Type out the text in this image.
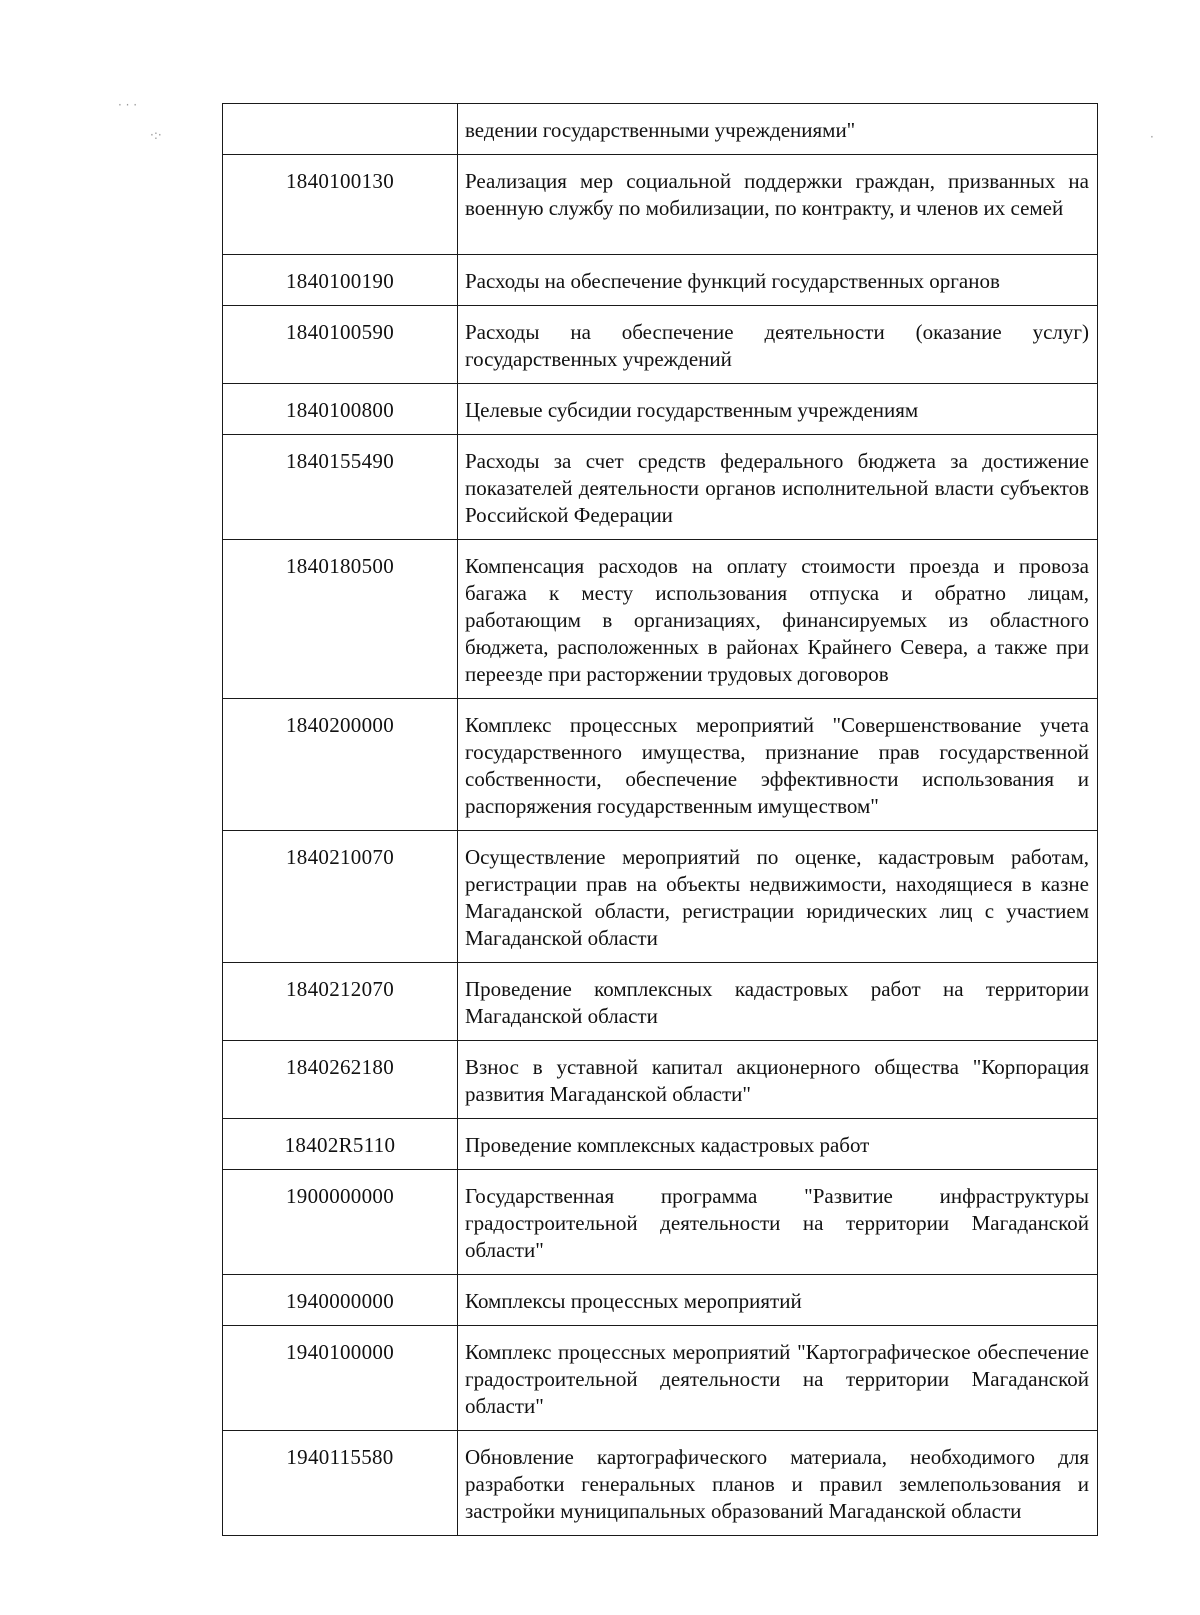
· · ·
·:·	·
	ведении государственными учреждениями"
1840100130	Реализация мер социальной поддержки граждан, призванных на военную службу по мобилизации, по контракту, и членов их семей
1840100190	Расходы на обеспечение функций государственных органов
1840100590	Расходы на обеспечение деятельности (оказание услуг) государственных учреждений
1840100800	Целевые субсидии государственным учреждениям
1840155490	Расходы за счет средств федерального бюджета за достижение показателей деятельности органов исполнительной власти субъектов Российской Федерации
1840180500	Компенсация расходов на оплату стоимости проезда и провоза багажа к месту использования отпуска и обратно лицам, работающим в организациях, финансируемых из областного бюджета, расположенных в районах Крайнего Севера, а также при переезде при расторжении трудовых договоров
1840200000	Комплекс процессных мероприятий "Совершенствование учета государственного имущества, признание прав государственной собственности, обеспечение эффективности использования и распоряжения государственным имуществом"
1840210070	Осуществление мероприятий по оценке, кадастровым работам, регистрации прав на объекты недвижимости, находящиеся в казне Магаданской области, регистрации юридических лиц с участием Магаданской области
1840212070	Проведение комплексных кадастровых работ на территории Магаданской области
1840262180	Взнос в уставной капитал акционерного общества "Корпорация развития Магаданской области"
18402R5110	Проведение комплексных кадастровых работ
1900000000	Государственная программа "Развитие инфраструктуры градостроительной деятельности на территории Магаданской области"
1940000000	Комплексы процессных мероприятий
1940100000	Комплекс процессных мероприятий "Картографическое обеспечение градостроительной деятельности на территории Магаданской области"
1940115580	Обновление картографического материала, необходимого для разработки генеральных планов и правил землепользования и застройки муниципальных образований Магаданской области
